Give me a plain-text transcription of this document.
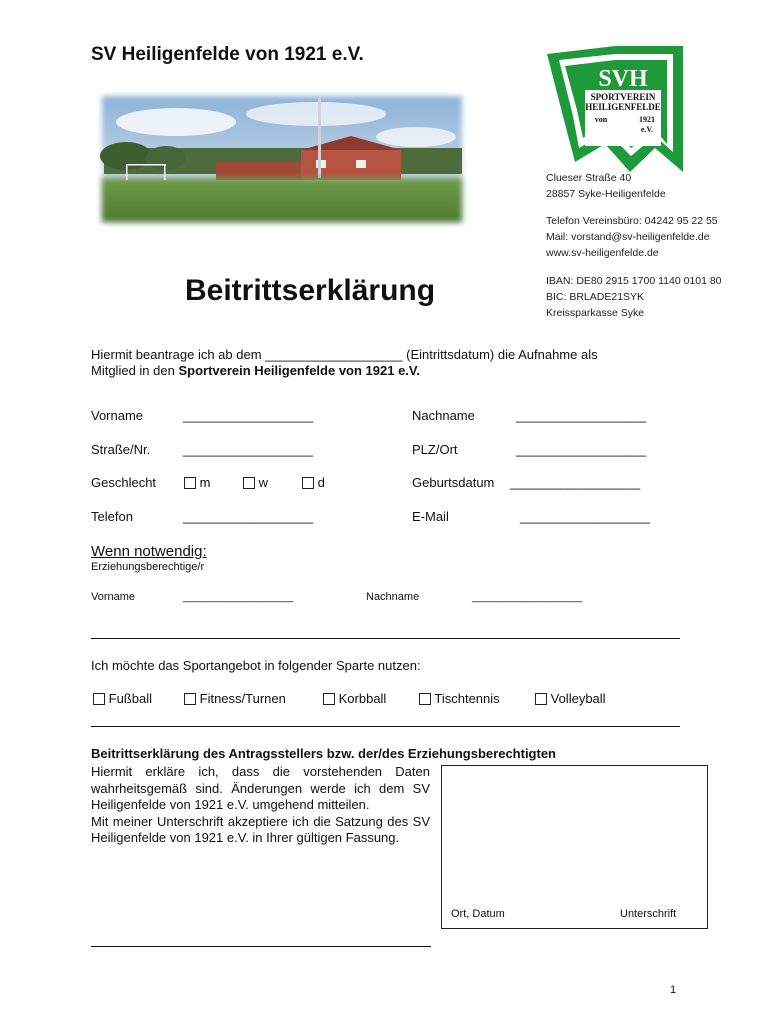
SV Heiligenfelde von 1921 e.V.
SVH
SPORTVEREIN
HEILIGENFELDE
von	1921
e.V.
Clueser Straße 40
28857 Syke-Heiligenfelde
Telefon Vereinsbüro: 04242 95 22 55
Mail: vorstand@sv-heiligenfelde.de
www.sv-heiligenfelde.de
IBAN: DE80 2915 1700 1140 0101 80
BIC: BRLADE21SYK
Kreissparkasse Syke
Beitrittserklärung
Hiermit beantrage ich ab dem ___________________ (Eintrittsdatum) die Aufnahme als
Mitglied in den Sportverein Heiligenfelde von 1921 e.V.
Vorname	__________________	Nachname	__________________
Straße/Nr.	__________________	PLZ/Ort	__________________
Geschlecht	m	w	d	Geburtsdatum __________________
Telefon	__________________	E-Mail	__________________
Wenn notwendig:
Erziehungsberechtige/r
Vorname	__________________	Nachname	__________________
Ich möchte das Sportangebot in folgender Sparte nutzen:
Fußball	Fitness/Turnen	Korbball	Tischtennis	Volleyball
Beitrittserklärung des Antragsstellers bzw. der/des Erziehungsberechtigten
Hiermit erkläre ich, dass die vorstehenden Daten wahrheitsgemäß sind. Änderungen werde ich dem SV Heiligenfelde von 1921 e.V. umgehend mitteilen.
Mit meiner Unterschrift akzeptiere ich die Satzung des SV Heiligenfelde von 1921 e.V. in Ihrer gültigen Fassung.
Ort, Datum	Unterschrift
1
